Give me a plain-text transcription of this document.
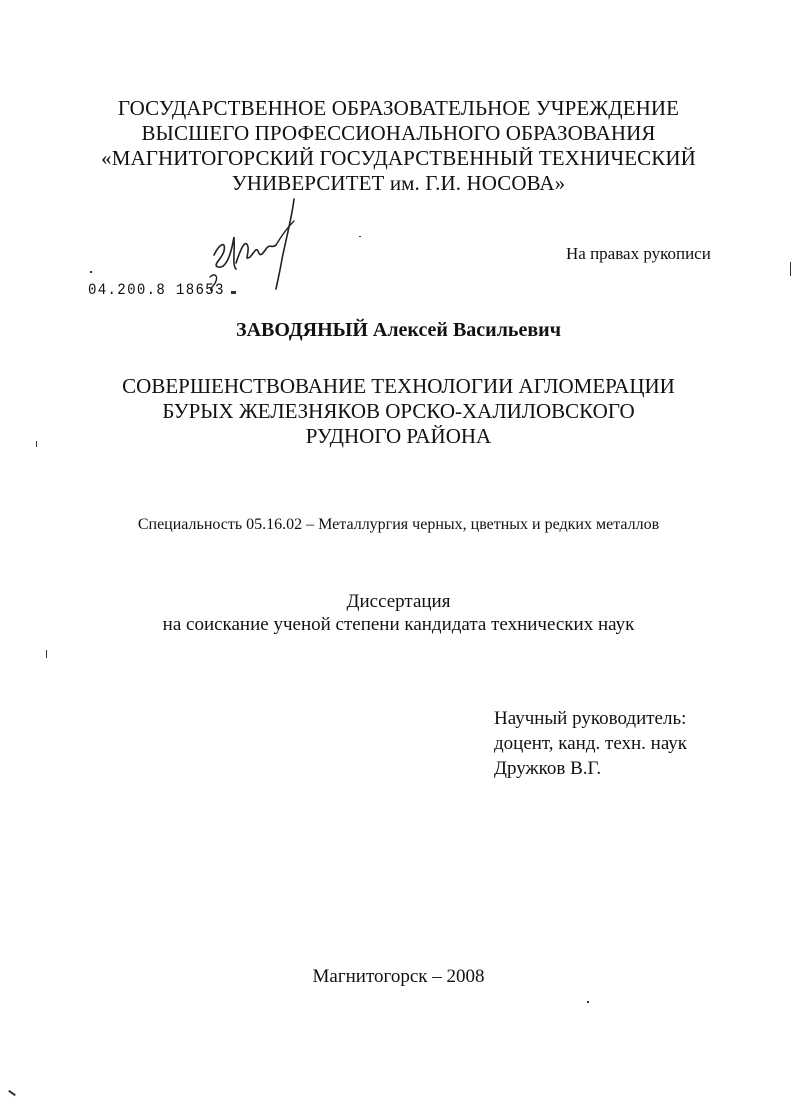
ГОСУДАРСТВЕННОЕ ОБРАЗОВАТЕЛЬНОЕ УЧРЕЖДЕНИЕ
ВЫСШЕГО ПРОФЕССИОНАЛЬНОГО ОБРАЗОВАНИЯ
«МАГНИТОГОРСКИЙ ГОСУДАРСТВЕННЫЙ ТЕХНИЧЕСКИЙ
УНИВЕРСИТЕТ им. Г.И. НОСОВА»
На правах рукописи
04.200.8 18653
ЗАВОДЯНЫЙ Алексей Васильевич
СОВЕРШЕНСТВОВАНИЕ ТЕХНОЛОГИИ АГЛОМЕРАЦИИ
БУРЫХ ЖЕЛЕЗНЯКОВ ОРСКО-ХАЛИЛОВСКОГО
РУДНОГО РАЙОНА
Специальность 05.16.02 – Металлургия черных, цветных и редких металлов
Диссертация
на соискание ученой степени кандидата технических наук
Научный руководитель:
доцент, канд. техн. наук
Дружков В.Г.
Магнитогорск – 2008
